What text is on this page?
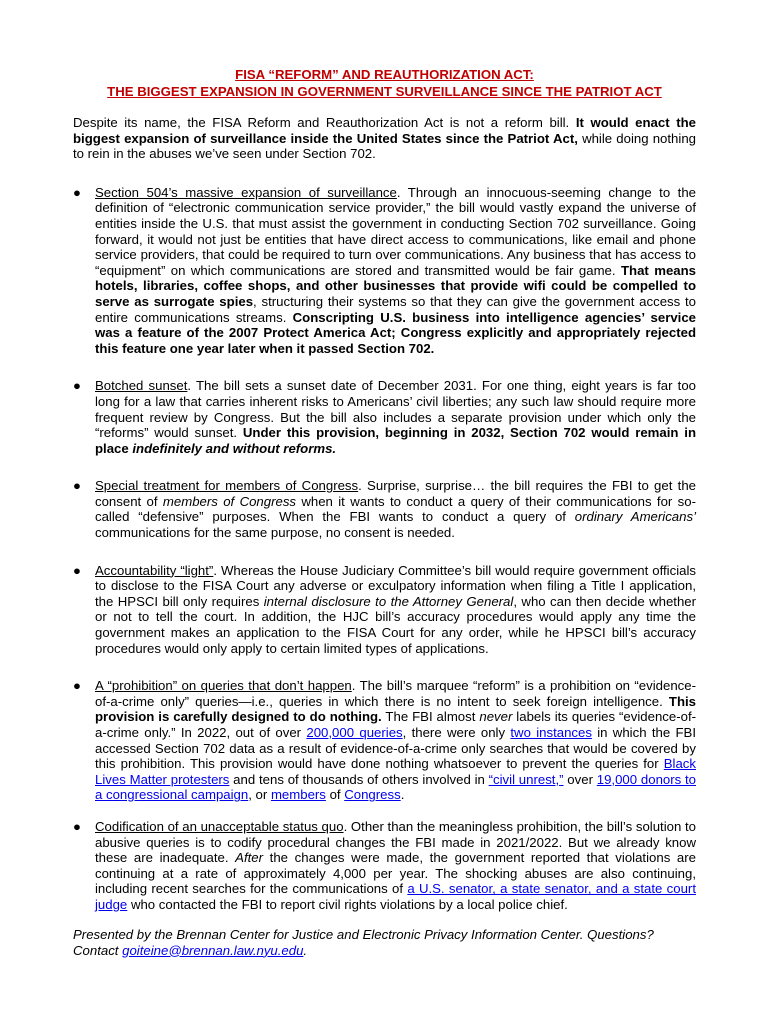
FISA “REFORM” AND REAUTHORIZATION ACT:
THE BIGGEST EXPANSION IN GOVERNMENT SURVEILLANCE SINCE THE PATRIOT ACT

Despite its name, the FISA Reform and Reauthorization Act is not a reform bill. It would enact the biggest expansion of surveillance inside the United States since the Patriot Act, while doing nothing to rein in the abuses we’ve seen under Section 702.

● Section 504’s massive expansion of surveillance. Through an innocuous-seeming change to the definition of “electronic communication service provider,” the bill would vastly expand the universe of entities inside the U.S. that must assist the government in conducting Section 702 surveillance. Going forward, it would not just be entities that have direct access to communications, like email and phone service providers, that could be required to turn over communications. Any business that has access to “equipment” on which communications are stored and transmitted would be fair game. That means hotels, libraries, coffee shops, and other businesses that provide wifi could be compelled to serve as surrogate spies, structuring their systems so that they can give the government access to entire communications streams. Conscripting U.S. business into intelligence agencies’ service was a feature of the 2007 Protect America Act; Congress explicitly and appropriately rejected this feature one year later when it passed Section 702.
● Botched sunset. The bill sets a sunset date of December 2031. For one thing, eight years is far too long for a law that carries inherent risks to Americans’ civil liberties; any such law should require more frequent review by Congress. But the bill also includes a separate provision under which only the “reforms” would sunset. Under this provision, beginning in 2032, Section 702 would remain in place indefinitely and without reforms.
● Special treatment for members of Congress. Surprise, surprise… the bill requires the FBI to get the consent of members of Congress when it wants to conduct a query of their communications for so-called “defensive” purposes. When the FBI wants to conduct a query of ordinary Americans’ communications for the same purpose, no consent is needed.
● Accountability “light”. Whereas the House Judiciary Committee’s bill would require government officials to disclose to the FISA Court any adverse or exculpatory information when filing a Title I application, the HPSCI bill only requires internal disclosure to the Attorney General, who can then decide whether or not to tell the court. In addition, the HJC bill’s accuracy procedures would apply any time the government makes an application to the FISA Court for any order, while he HPSCI bill’s accuracy procedures would only apply to certain limited types of applications.
● A “prohibition” on queries that don’t happen. The bill’s marquee “reform” is a prohibition on “evidence-of-a-crime only” queries—i.e., queries in which there is no intent to seek foreign intelligence. This provision is carefully designed to do nothing. The FBI almost never labels its queries “evidence-of-a-crime only.” In 2022, out of over 200,000 queries, there were only two instances in which the FBI accessed Section 702 data as a result of evidence-of-a-crime only searches that would be covered by this prohibition. This provision would have done nothing whatsoever to prevent the queries for Black Lives Matter protesters and tens of thousands of others involved in “civil unrest,” over 19,000 donors to a congressional campaign, or members of Congress.
● Codification of an unacceptable status quo. Other than the meaningless prohibition, the bill’s solution to abusive queries is to codify procedural changes the FBI made in 2021/2022. But we already know these are inadequate. After the changes were made, the government reported that violations are continuing at a rate of approximately 4,000 per year. The shocking abuses are also continuing, including recent searches for the communications of a U.S. senator, a state senator, and a state court judge who contacted the FBI to report civil rights violations by a local police chief.

Presented by the Brennan Center for Justice and Electronic Privacy Information Center. Questions? Contact goiteine@brennan.law.nyu.edu.
